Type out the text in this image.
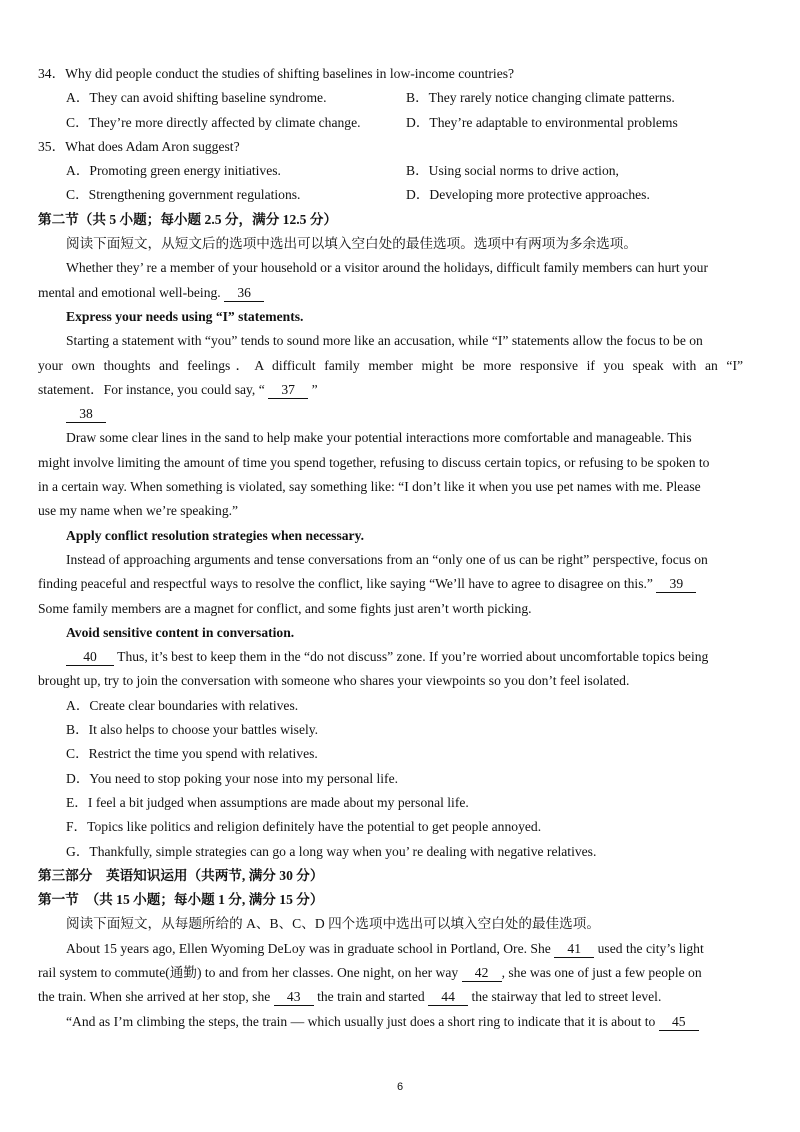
34．Why did people conduct the studies of shifting baselines in low-income countries?
A．They can avoid shifting baseline syndrome.	B．They rarely notice changing climate patterns.
C．They’re more directly affected by climate change.	D．They’re adaptable to environmental problems
35．What does Adam Aron suggest?
A．Promoting green energy initiatives.	B．Using social norms to drive action,
C．Strengthening government regulations.	D．Developing more protective approaches.
第二节（共 5 小题；每小题 2.5 分，满分 12.5 分）
阅读下面短文，从短文后的选项中选出可以填入空白处的最佳选项。选项中有两项为多余选项。
Whether they’ re a member of your household or a visitor around the holidays, difficult family members can hurt your
mental and emotional well-being. 36
Express your needs using “I” statements.
Starting a statement with “you” tends to sound more like an accusation, while “I” statements allow the focus to be on
your own thoughts and feelings．A difficult family member might be more responsive if you speak with an “I”
statement．For instance, you could say, “ 37 ”
38
Draw some clear lines in the sand to help make your potential interactions more comfortable and manageable. This
might involve limiting the amount of time you spend together, refusing to discuss certain topics, or refusing to be spoken to
in a certain way. When something is violated, say something like: “I don’t like it when you use pet names with me. Please
use my name when we’re speaking.”
Apply conflict resolution strategies when necessary.
Instead of approaching arguments and tense conversations from an “only one of us can be right” perspective, focus on
finding peaceful and respectful ways to resolve the conflict, like saying “We’ll have to agree to disagree on this.” 39
Some family members are a magnet for conflict, and some fights just aren’t worth picking.
Avoid sensitive content in conversation.
40 Thus, it’s best to keep them in the “do not discuss” zone. If you’re worried about uncomfortable topics being
brought up, try to join the conversation with someone who shares your viewpoints so you don’t feel isolated.
A．Create clear boundaries with relatives.
B．It also helps to choose your battles wisely.
C．Restrict the time you spend with relatives.
D．You need to stop poking your nose into my personal life.
E．I feel a bit judged when assumptions are made about my personal life.
F．Topics like politics and religion definitely have the potential to get people annoyed.
G．Thankfully, simple strategies can go a long way when you’ re dealing with negative relatives.
第三部分　英语知识运用（共两节, 满分 30 分）
第一节　（共 15 小题；每小题 1 分, 满分 15 分）
阅读下面短文，从每题所给的 A、B、C、D 四个选项中选出可以填入空白处的最佳选项。
About 15 years ago, Ellen Wyoming DeLoy was in graduate school in Portland, Ore. She 41 used the city’s light
rail system to commute(通勤) to and from her classes. One night, on her way 42 , she was one of just a few people on
the train. When she arrived at her stop, she 43 the train and started 44 the stairway that led to street level.
“And as I’m climbing the steps, the train — which usually just does a short ring to indicate that it is about to 45
6
